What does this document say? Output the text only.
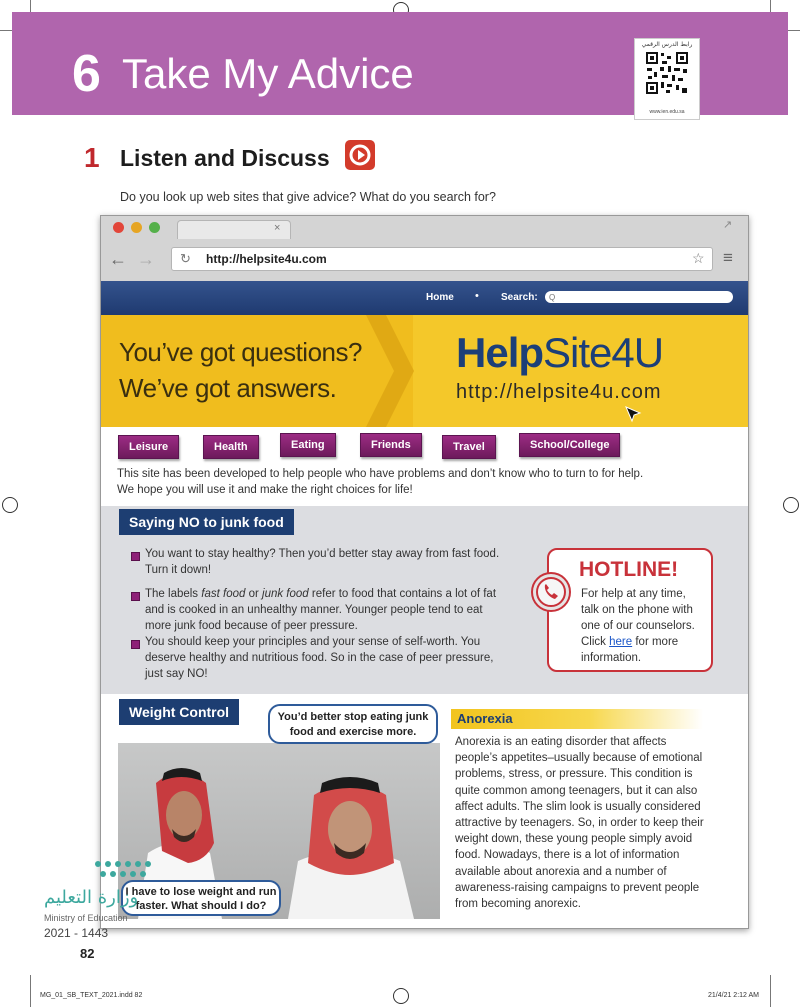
6 Take My Advice
رابط الدرس الرقمي
www.ien.edu.sa
1 Listen and Discuss
Do you look up web sites that give advice? What do you search for?
×	↗
← → ↻ http://helpsite4u.com	☆ ≡
Home • Search:
Q
You’ve got questions?
We’ve got answers.
HelpSite4U
http://helpsite4u.com
Leisure	Health	Eating	Friends	Travel	School/College
This site has been developed to help people who have problems and don’t know who to turn to for help.
We hope you will use it and make the right choices for life!
Saying NO to junk food
You want to stay healthy? Then you’d better stay away from fast food.
Turn it down!
The labels fast food or junk food refer to food that contains a lot of fat
and is cooked in an unhealthy manner. Younger people tend to eat
more junk food because of peer pressure.
You should keep your principles and your sense of self-worth. You
deserve healthy and nutritious food. So in the case of peer pressure,
just say NO!
HOTLINE!
For help at any time,
talk on the phone with
one of our counselors.
Click here for more
information.
Weight Control	You’d better stop eating junk
food and exercise more.
I have to lose weight and run
faster. What should I do?
Anorexia
Anorexia is an eating disorder that affects
people’s appetites–usually because of emotional
problems, stress, or pressure. This condition is
quite common among teenagers, but it can also
affect adults. The slim look is usually considered
attractive by teenagers. So, in order to keep their
weight down, these young people simply avoid
food. Nowadays, there is a lot of information
available about anorexia and a number of
awareness-raising campaigns to prevent people
from becoming anorexic.
وزارة التعليم
Ministry of Education
2021 - 1443
82
MG_01_SB_TEXT_2021.indd 82	21/4/21 2:12 AM
